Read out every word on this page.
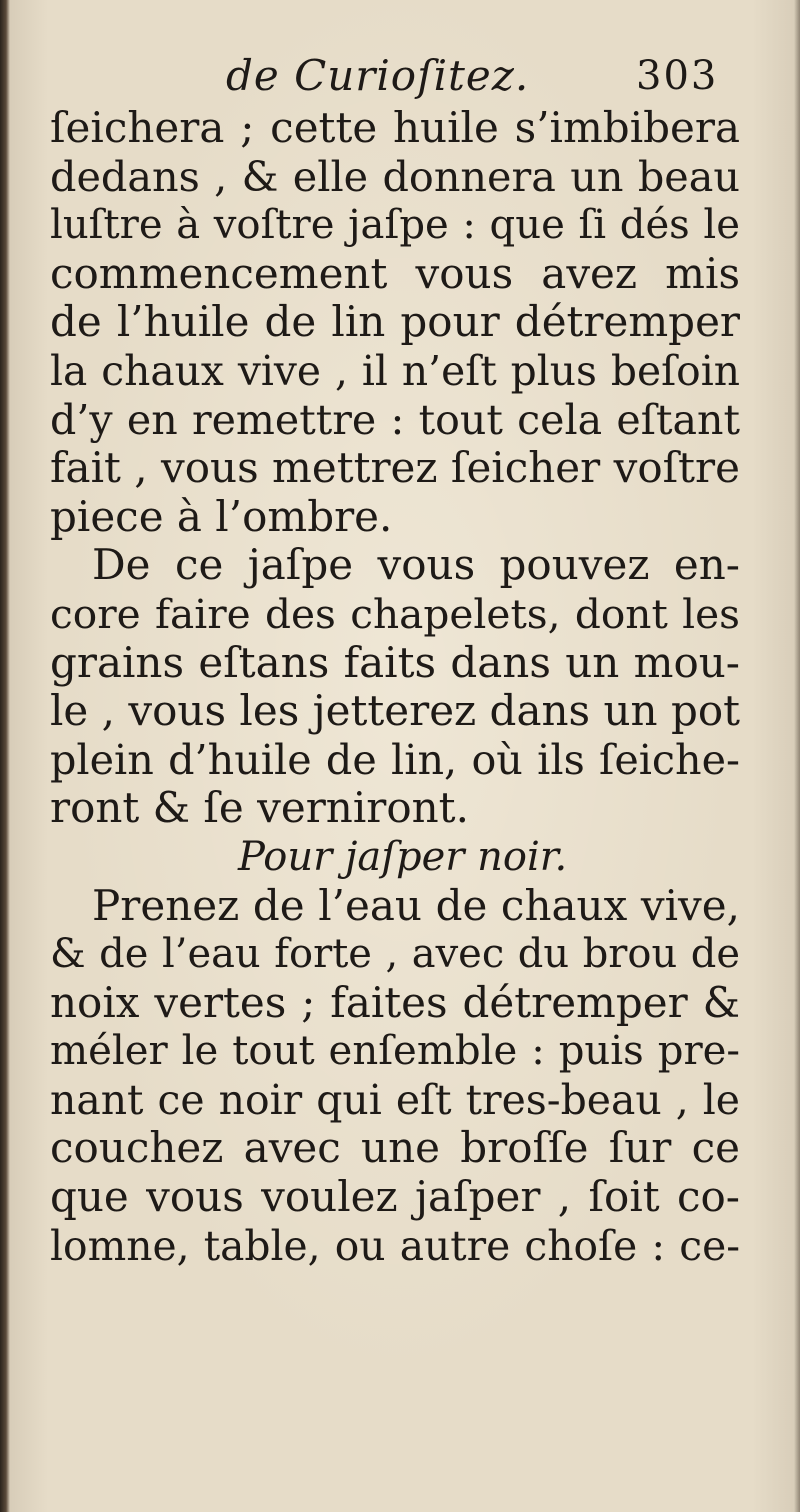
de Curioſitez.	303
ſeichera ; cette huile s’imbibera
dedans , & elle donnera un beau
luſtre à voſtre jaſpe : que ſi dés le
commencement vous avez mis
de l’huile de lin pour détremper
la chaux vive , il n’eſt plus beſoin
d’y en remettre : tout cela eſtant
fait , vous mettrez ſeicher voſtre
piece à l’ombre.
De ce jaſpe vous pouvez en-
core faire des chapelets, dont les
grains eſtans faits dans un mou-
le , vous les jetterez dans un pot
plein d’huile de lin, où ils ſeiche-
ront & ſe verniront.
Pour jaſper noir.
Prenez de l’eau de chaux vive,
& de l’eau forte , avec du brou de
noix vertes ; faites détremper &
méler le tout enſemble : puis pre-
nant ce noir qui eſt tres-beau , le
couchez avec une broſſe ſur ce
que vous voulez jaſper , ſoit co-
lomne, table, ou autre choſe : ce-
